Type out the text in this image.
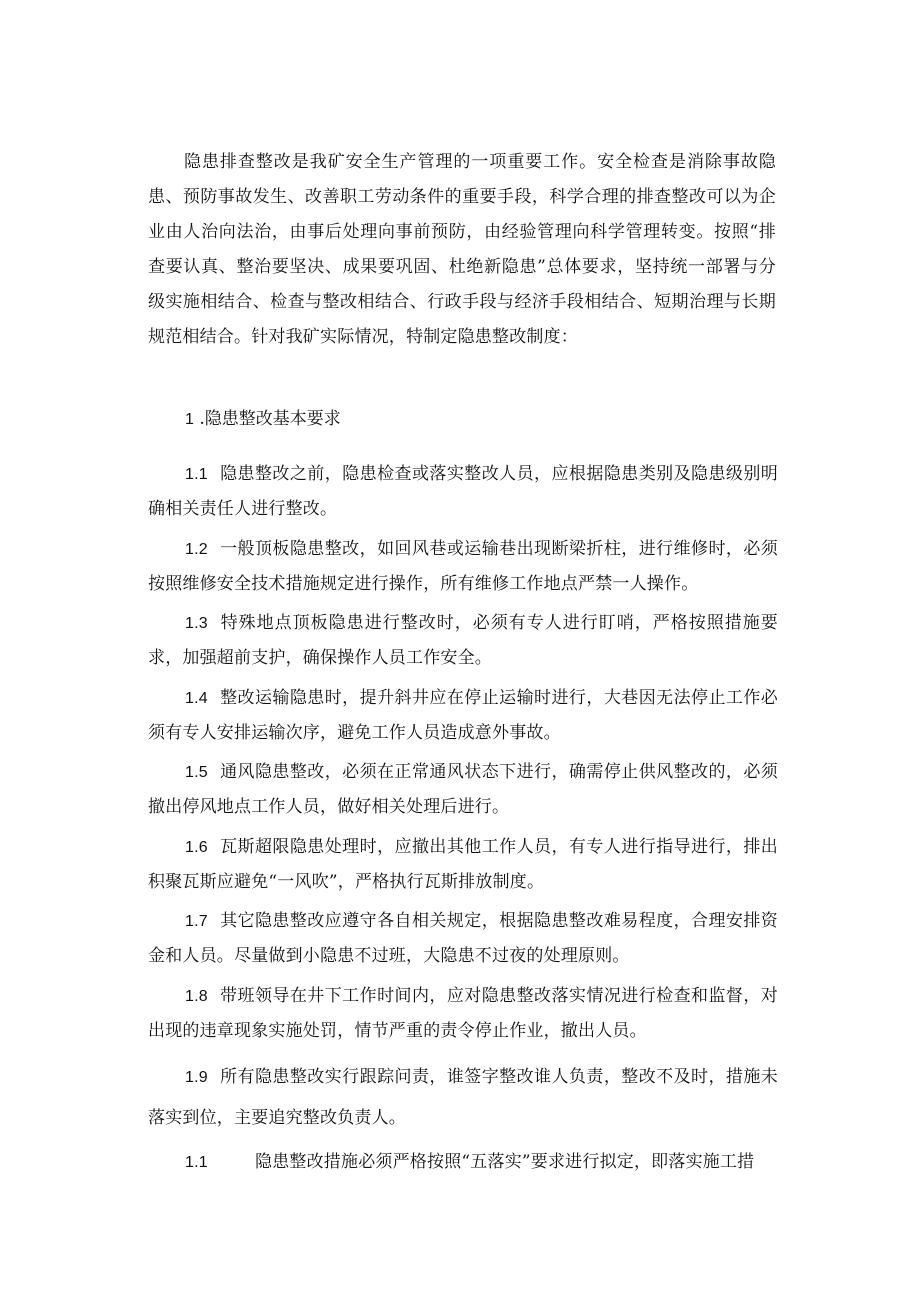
隐患排查整改是我矿安全生产管理的一项重要工作。安全检查是消除事故隐患、预防事故发生、改善职工劳动条件的重要手段，科学合理的排查整改可以为企业由人治向法治，由事后处理向事前预防，由经验管理向科学管理转变。按照“排查要认真、整治要坚决、成果要巩固、杜绝新隐患”总体要求，坚持统一部署与分级实施相结合、检查与整改相结合、行政手段与经济手段相结合、短期治理与长期规范相结合。针对我矿实际情况，特制定隐患整改制度：

1 .隐患整改基本要求

1.1 隐患整改之前，隐患检查或落实整改人员，应根据隐患类别及隐患级别明确相关责任人进行整改。

1.2 一般顶板隐患整改，如回风巷或运输巷出现断梁折柱，进行维修时，必须按照维修安全技术措施规定进行操作，所有维修工作地点严禁一人操作。

1.3 特殊地点顶板隐患进行整改时，必须有专人进行盯哨，严格按照措施要求，加强超前支护，确保操作人员工作安全。

1.4 整改运输隐患时，提升斜井应在停止运输时进行，大巷因无法停止工作必须有专人安排运输次序，避免工作人员造成意外事故。

1.5 通风隐患整改，必须在正常通风状态下进行，确需停止供风整改的，必须撤出停风地点工作人员，做好相关处理后进行。

1.6 瓦斯超限隐患处理时，应撤出其他工作人员，有专人进行指导进行，排出积聚瓦斯应避免“一风吹”，严格执行瓦斯排放制度。

1.7 其它隐患整改应遵守各自相关规定，根据隐患整改难易程度，合理安排资金和人员。尽量做到小隐患不过班，大隐患不过夜的处理原则。

1.8 带班领导在井下工作时间内，应对隐患整改落实情况进行检查和监督，对出现的违章现象实施处罚，情节严重的责令停止作业，撤出人员。

1.9 所有隐患整改实行跟踪问责，谁签字整改谁人负责，整改不及时，措施未落实到位，主要追究整改负责人。

1.1	隐患整改措施必须严格按照“五落实”要求进行拟定，即落实施工措
